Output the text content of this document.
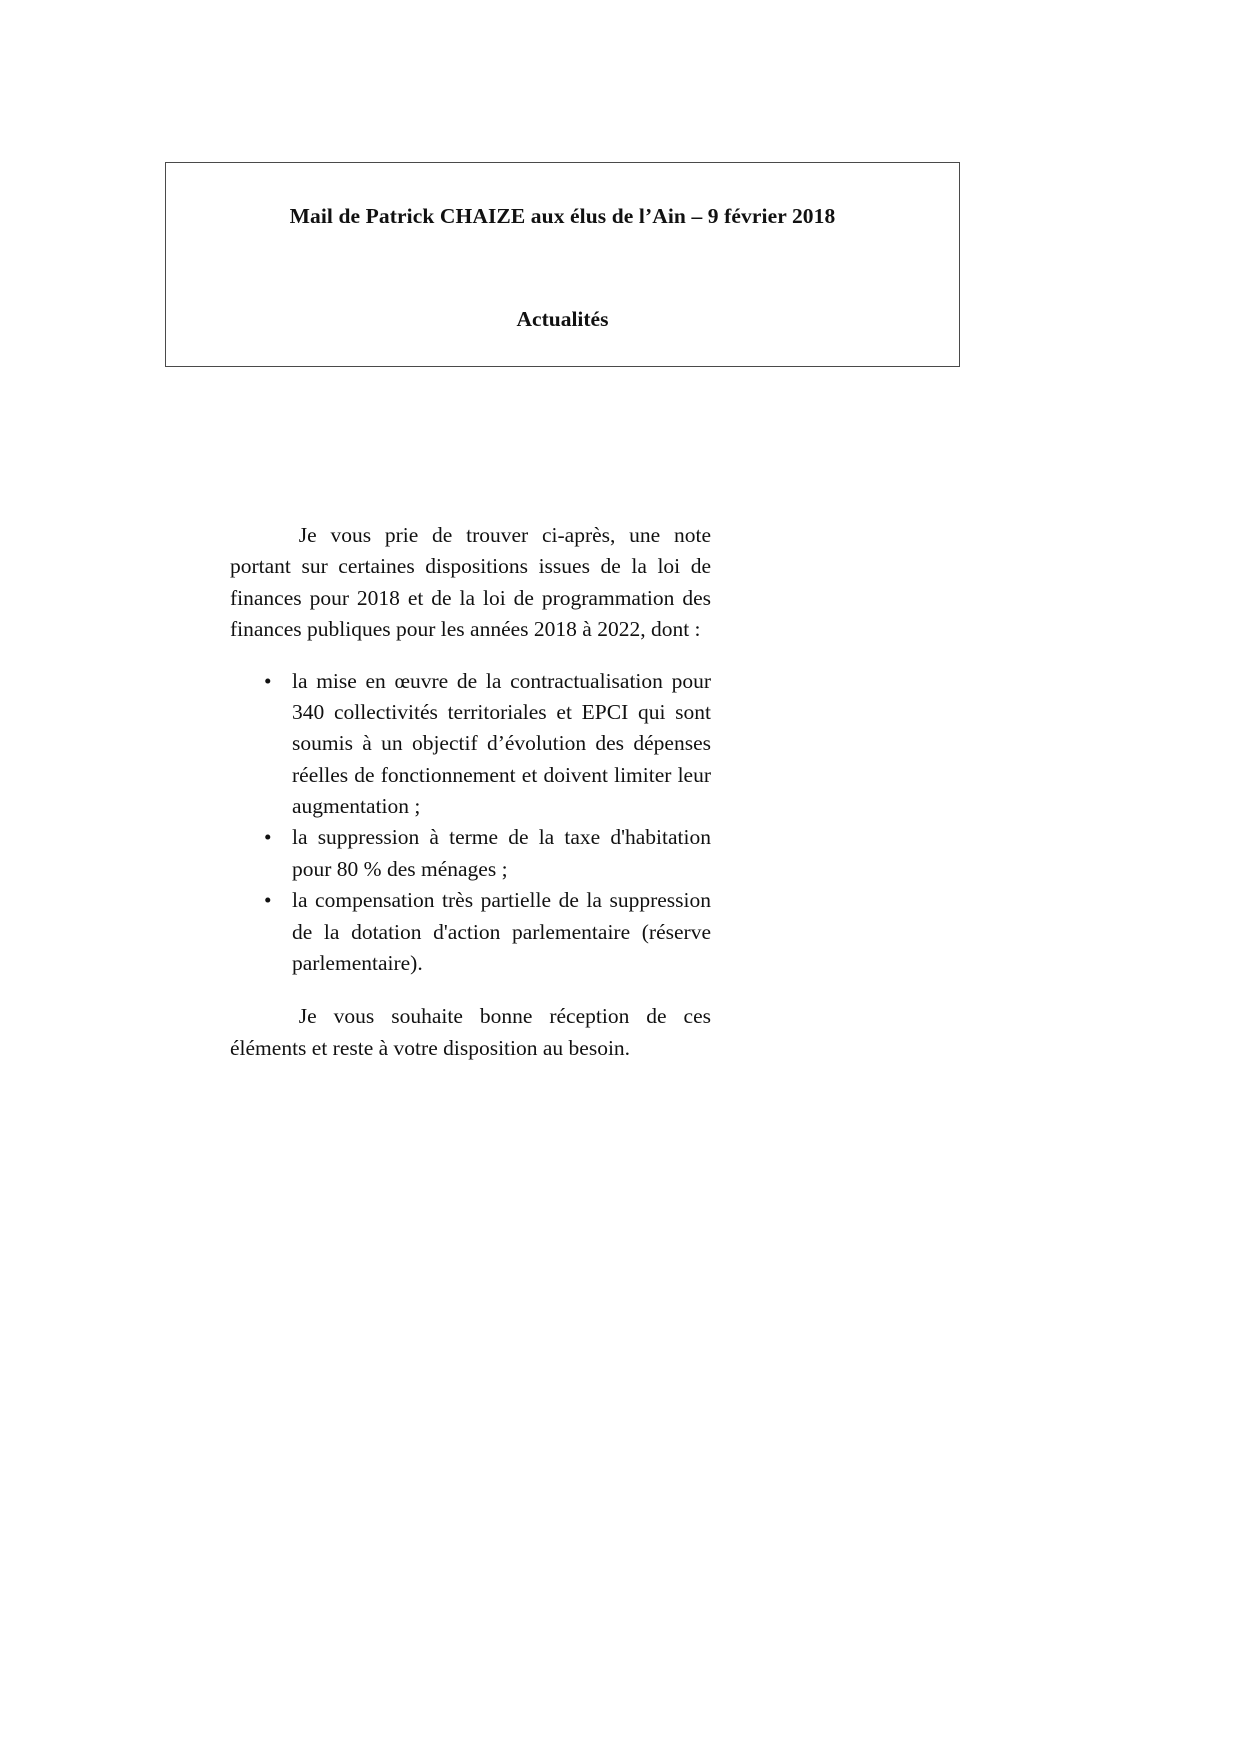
Mail de Patrick CHAIZE aux élus de l’Ain – 9 février 2018
Actualités

Je vous prie de trouver ci-après, une note portant sur certaines dispositions issues de la loi de finances pour 2018 et de la loi de programmation des finances publiques pour les années 2018 à 2022, dont :

• la mise en œuvre de la contractualisation pour 340 collectivités territoriales et EPCI qui sont soumis à un objectif d’évolution des dépenses réelles de fonctionnement et doivent limiter leur augmentation ;
• la suppression à terme de la taxe d'habitation pour 80 % des ménages ;
• la compensation très partielle de la suppression de la dotation d'action parlementaire (réserve parlementaire).

Je vous souhaite bonne réception de ces éléments et reste à votre disposition au besoin.
